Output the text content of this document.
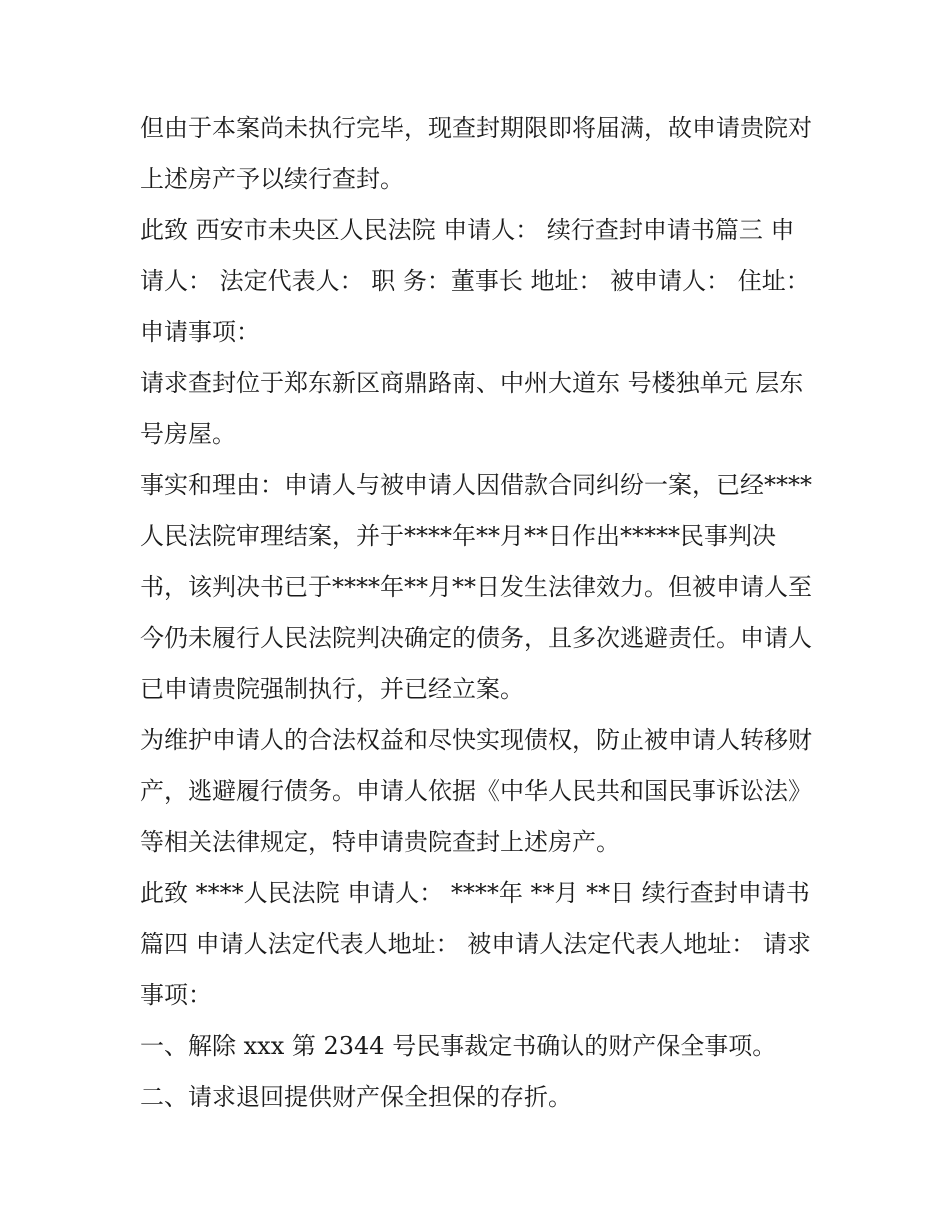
但由于本案尚未执行完毕，现查封期限即将届满，故申请贵院对上述房产予以续行查封。

此致 西安市未央区人民法院 申请人： 续行查封申请书篇三 申请人： 法定代表人： 职 务：董事长 地址： 被申请人： 住址： 申请事项：

请求查封位于郑东新区商鼎路南、中州大道东 号楼独单元 层东 号房屋。

事实和理由：申请人与被申请人因借款合同纠纷一案，已经****人民法院审理结案，并于****年**月**日作出*****民事判决书，该判决书已于****年**月**日发生法律效力。但被申请人至今仍未履行人民法院判决确定的债务，且多次逃避责任。申请人已申请贵院强制执行，并已经立案。

为维护申请人的合法权益和尽快实现债权，防止被申请人转移财产，逃避履行债务。申请人依据《中华人民共和国民事诉讼法》等相关法律规定，特申请贵院查封上述房产。

此致 ****人民法院 申请人： ****年 **月 **日 续行查封申请书篇四 申请人法定代表人地址： 被申请人法定代表人地址： 请求事项：

一、解除 xxx 第 2344 号民事裁定书确认的财产保全事项。

二、请求退回提供财产保全担保的存折。
